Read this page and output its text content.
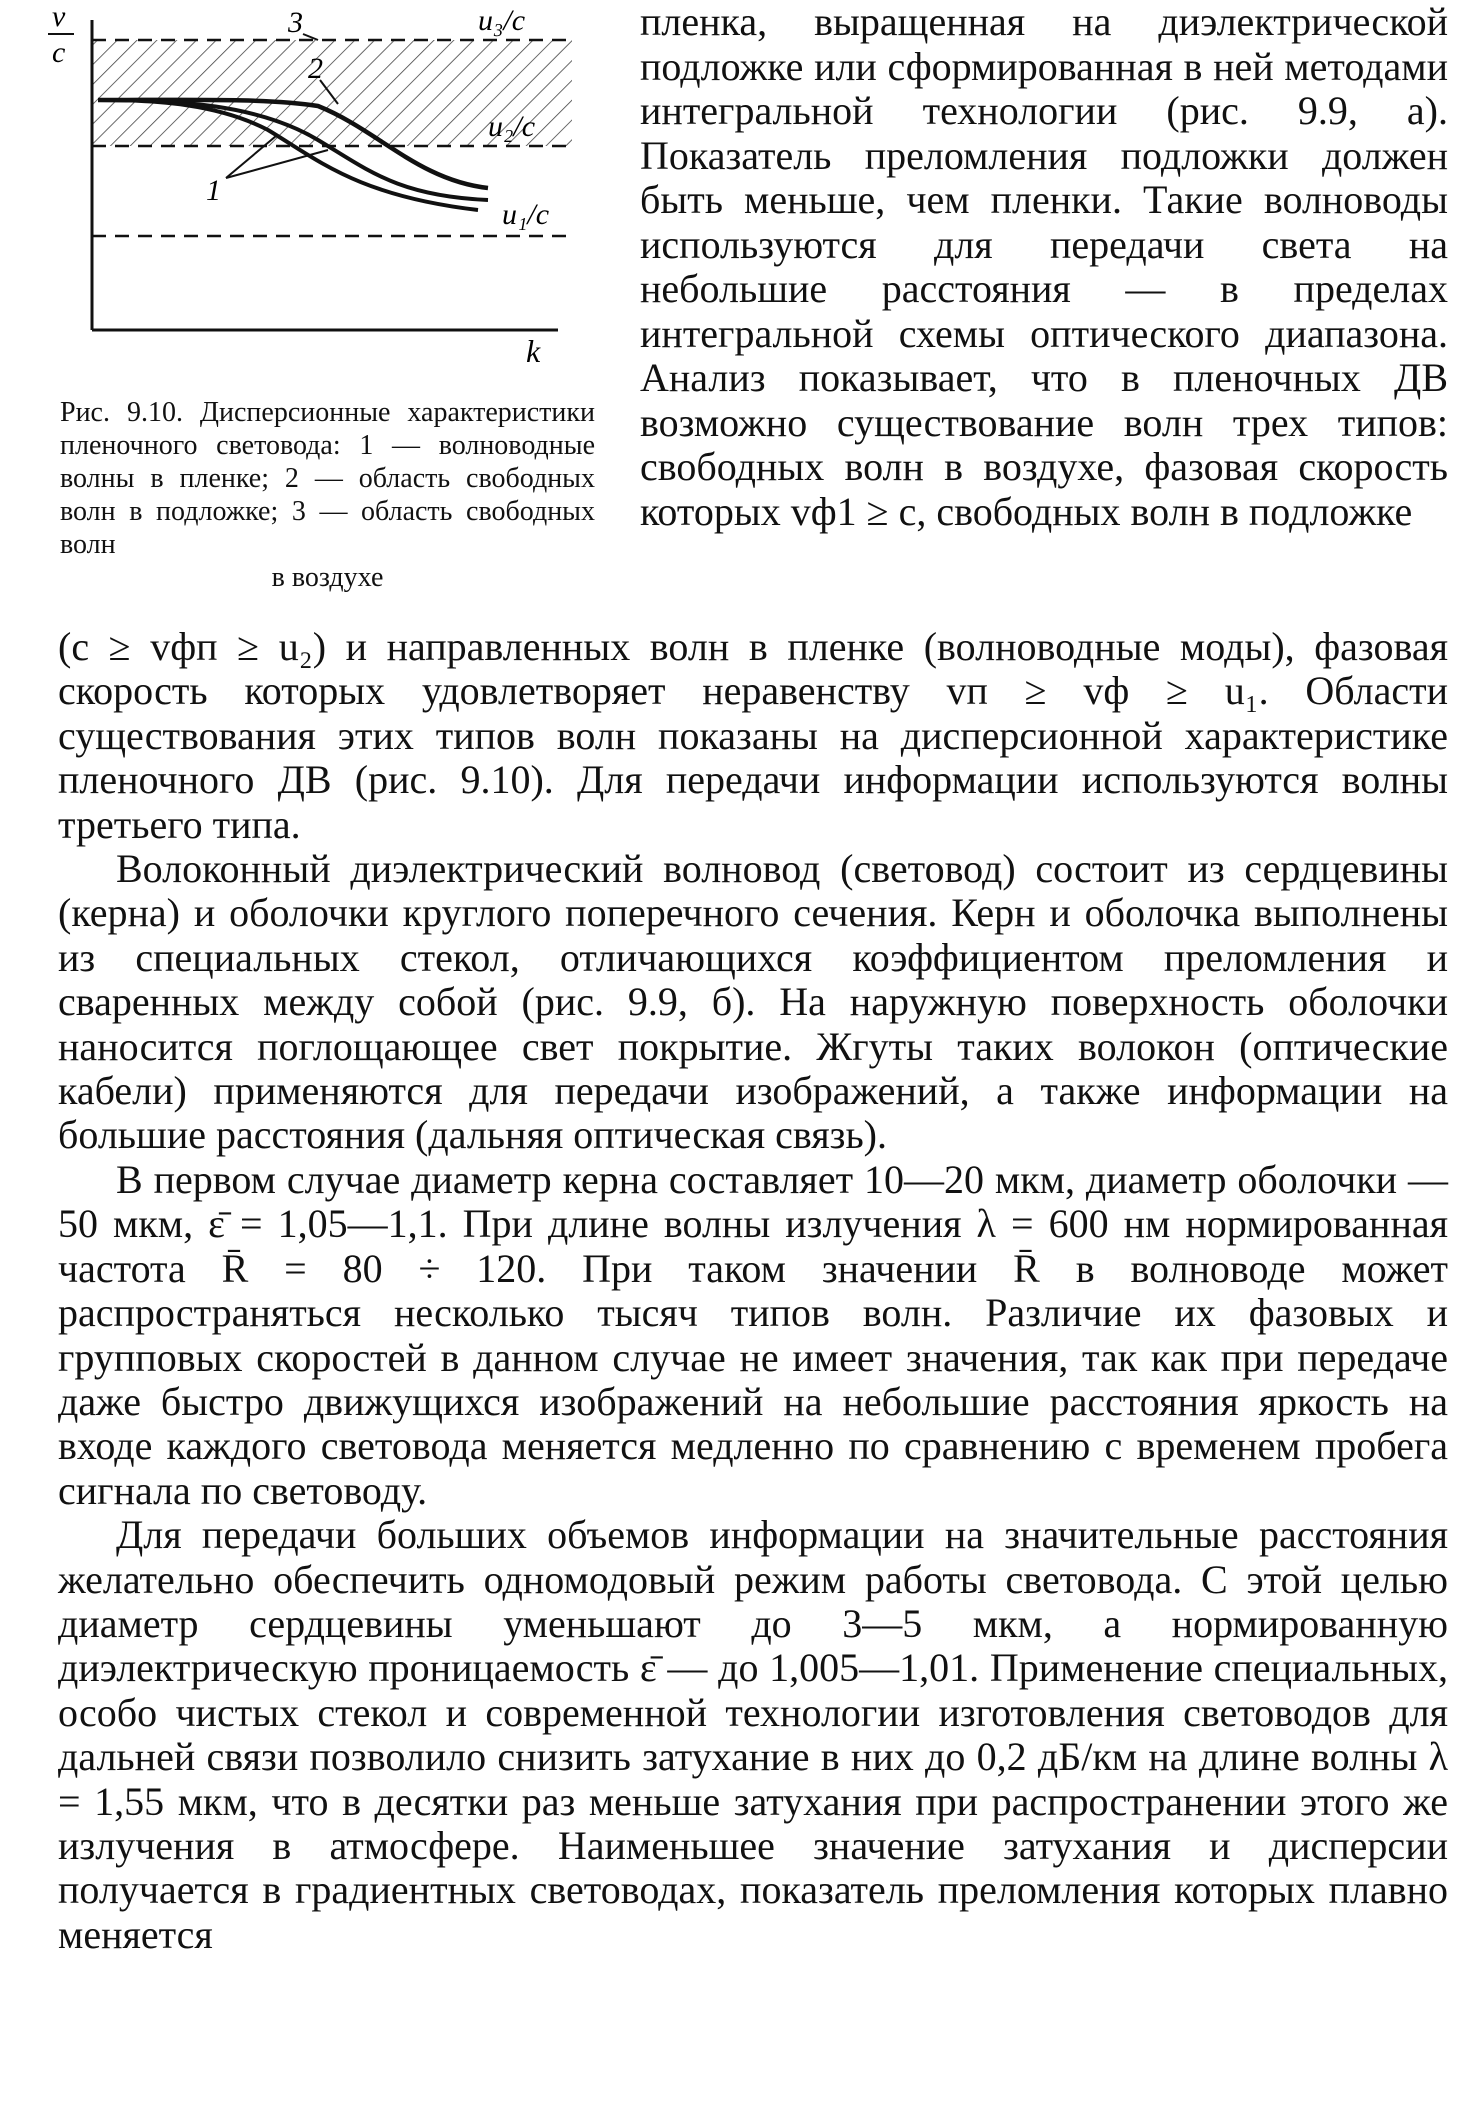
v
c
k
u₃/c
u₂/c
u₁/c
1
2
3

Рис. 9.10. Дисперсионные характеристики пленочного световода: 1 — волноводные волны в пленке; 2 — область свободных волн в подложке; 3 — область свободных волн
в воздухе

пленка, выращенная на диэлектрической подложке или сформированная в ней методами интегральной технологии (рис. 9.9, а). Показатель преломления подложки должен быть меньше, чем пленки. Такие волноводы используются для передачи света на небольшие расстояния — в пределах интегральной схемы оптического диапазона. Анализ показывает, что в пленочных ДВ возможно существование волн трех типов: свободных волн в воздухе, фазовая скорость которых vф1 ≥ c, свободных волн в подложке

(c ≥ vфп ≥ u₂) и направленных волн в пленке (волноводные моды), фазовая скорость которых удовлетворяет неравенству vп ≥ vф ≥ u₁. Области существования этих типов волн показаны на дисперсионной характеристике пленочного ДВ (рис. 9.10). Для передачи информации используются волны третьего типа.

Волоконный диэлектрический волновод (световод) состоит из сердцевины (керна) и оболочки круглого поперечного сечения. Керн и оболочка выполнены из специальных стекол, отличающихся коэффициентом преломления и сваренных между собой (рис. 9.9, б). На наружную поверхность оболочки наносится поглощающее свет покрытие. Жгуты таких волокон (оптические кабели) применяются для передачи изображений, а также информации на большие расстояния (дальняя оптическая связь).

В первом случае диаметр керна составляет 10—20 мкм, диаметр оболочки — 50 мкм, ε̄ = 1,05—1,1. При длине волны излучения λ = 600 нм нормированная частота R̄ = 80 ÷ 120. При таком значении R̄ в волноводе может распространяться несколько тысяч типов волн. Различие их фазовых и групповых скоростей в данном случае не имеет значения, так как при передаче даже быстро движущихся изображений на небольшие расстояния яркость на входе каждого световода меняется медленно по сравнению с временем пробега сигнала по световоду.

Для передачи больших объемов информации на значительные расстояния желательно обеспечить одномодовый режим работы световода. С этой целью диаметр сердцевины уменьшают до 3—5 мкм, а нормированную диэлектрическую проницаемость ε̄ — до 1,005—1,01. Применение специальных, особо чистых стекол и современной технологии изготовления световодов для дальней связи позволило снизить затухание в них до 0,2 дБ/км на длине волны λ = 1,55 мкм, что в десятки раз меньше затухания при распространении этого же излучения в атмосфере. Наименьшее значение затухания и дисперсии получается в градиентных световодах, показатель преломления которых плавно меняется
